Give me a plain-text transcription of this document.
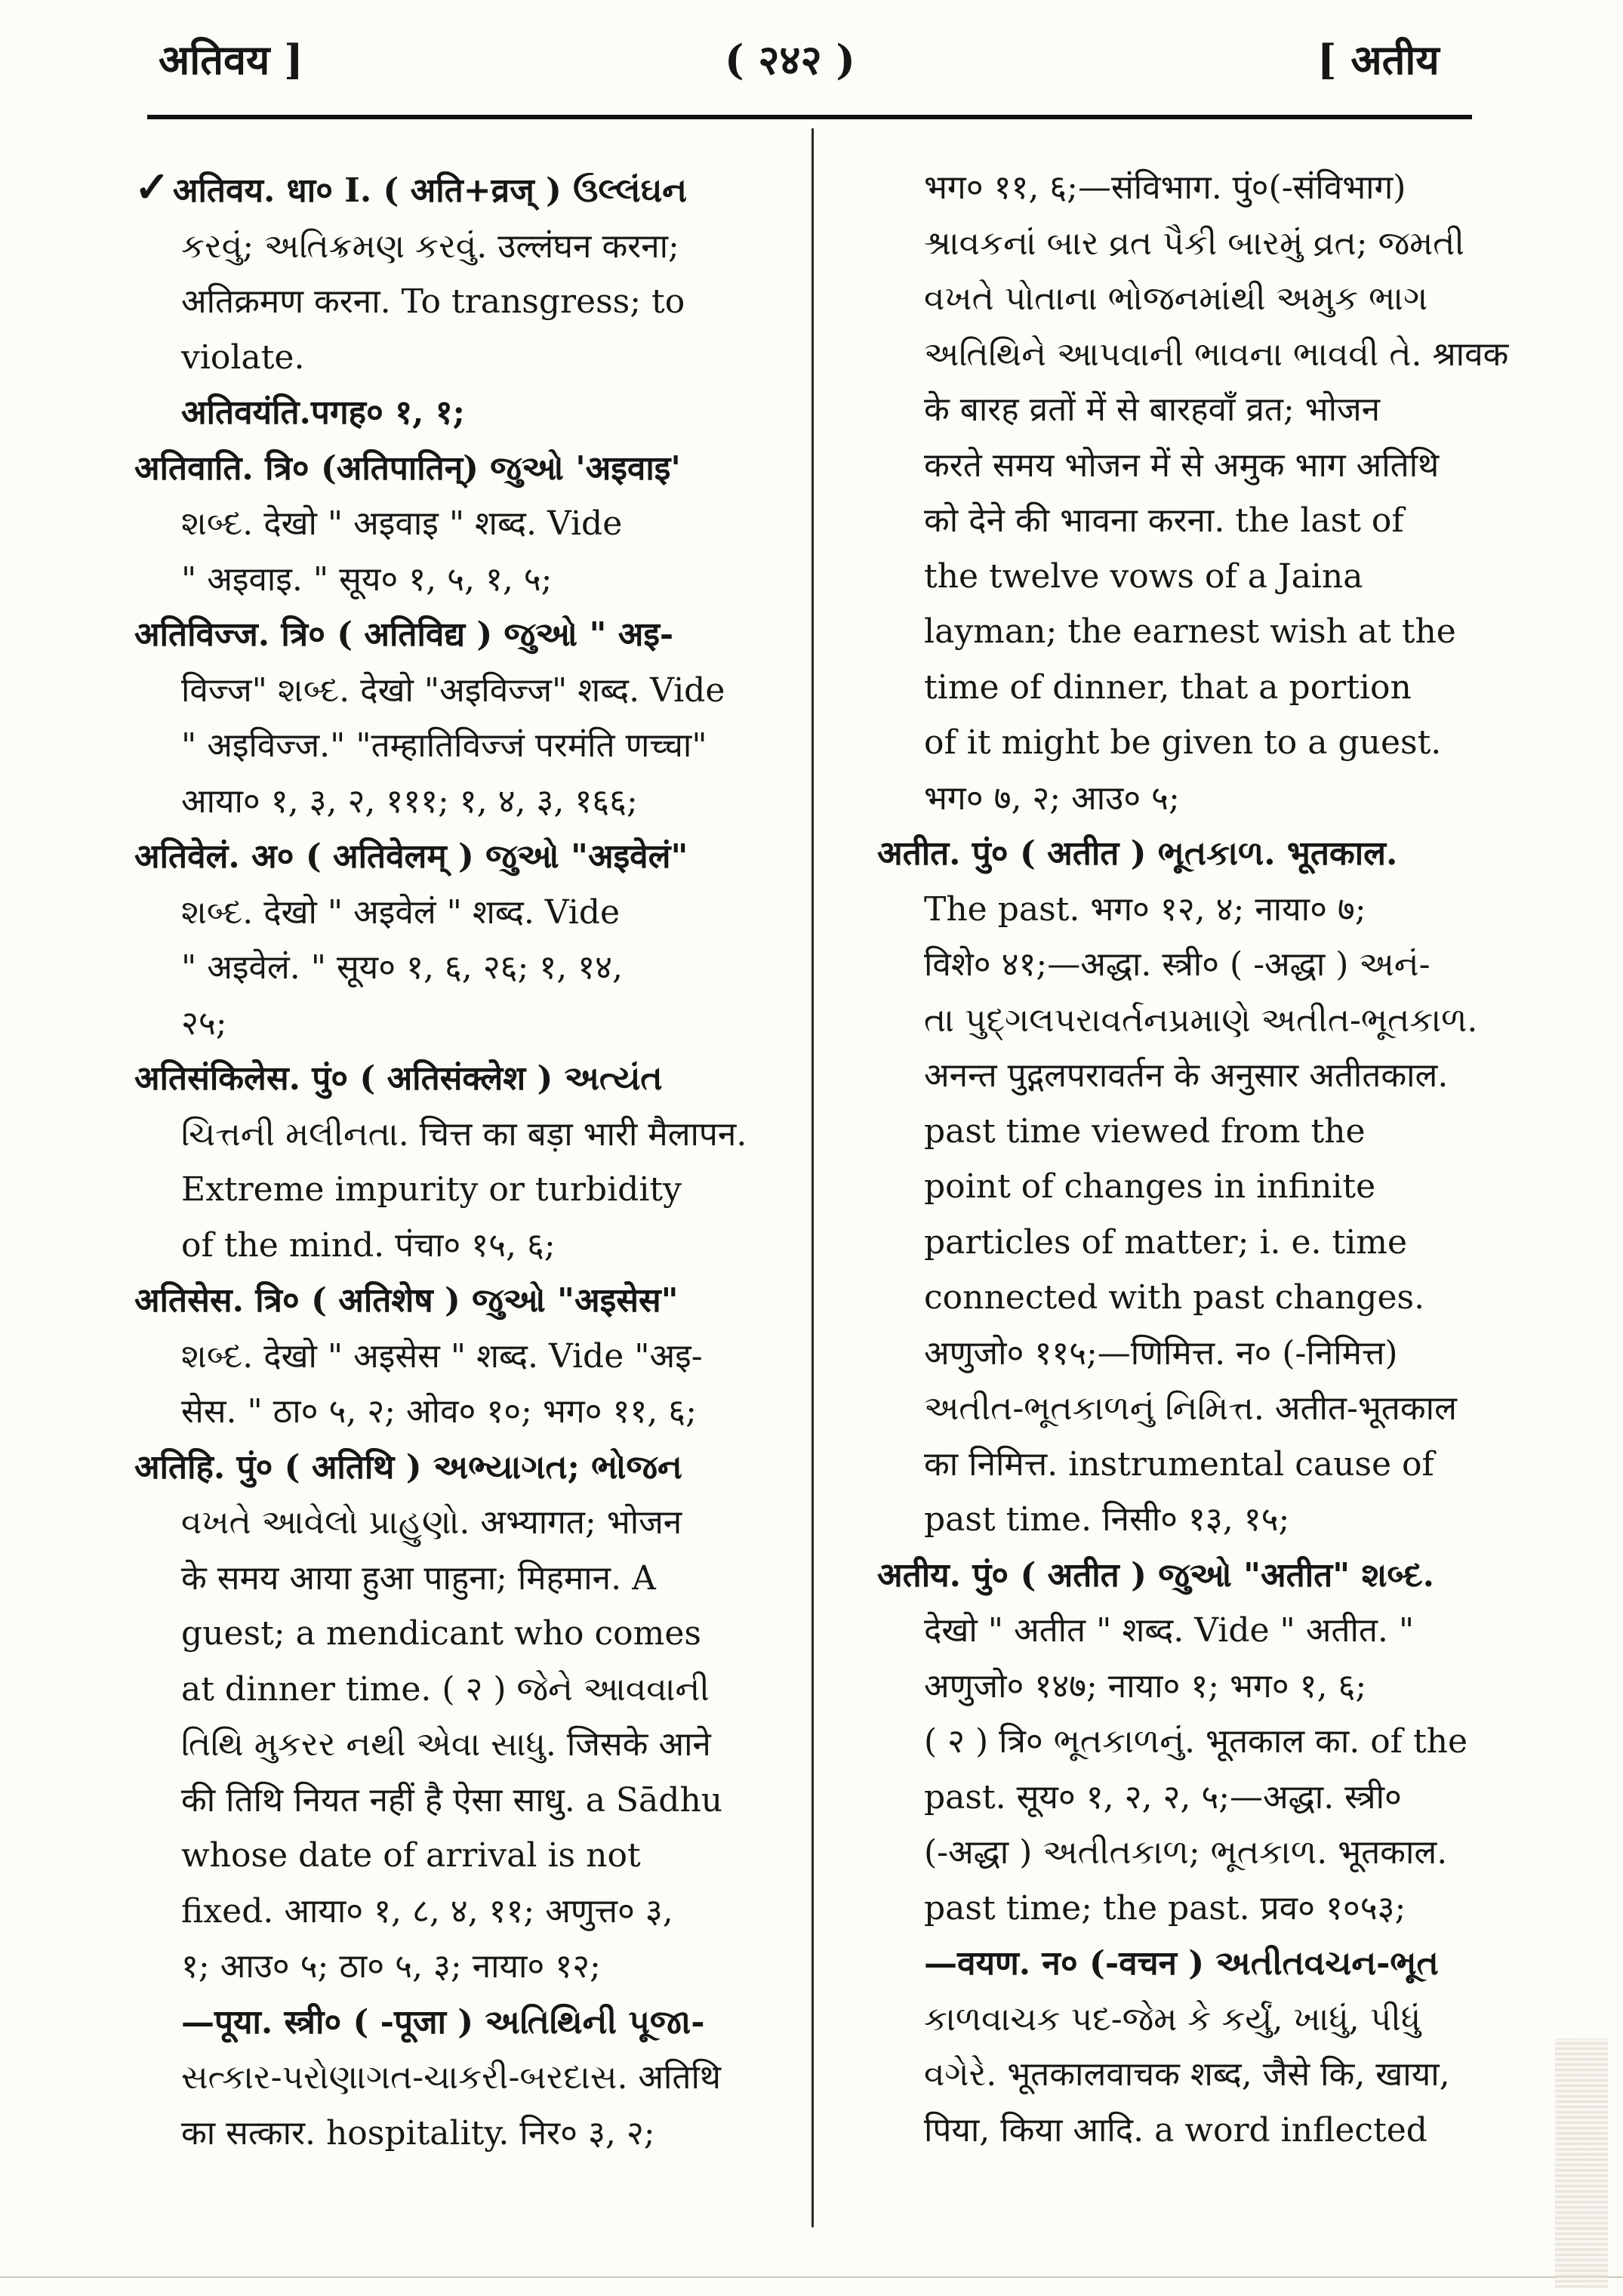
अतिवय ]	( २४२ )	[ अतीय
✓अतिवय. धा० I. ( अति+व्रज् ) ઉલ્લંઘન
કરવું; અતિક્રમણ કરવું. उल्लंघन करना;
अतिक्रमण करना. To transgress; to
violate.
अतिवयंति.पगह० १, १;
अतिवाति. त्रि० (अतिपातिन्) જુઓ 'अइवाइ'
શબ્દ. देखो " अइवाइ " शब्द. Vide
" अइवाइ. " सूय० १, ५, १, ५;
अतिविज्ज. त्रि० ( अतिविद्य ) જુઓ " अइ-
विज्ज" શબ્દ. देखो "अइविज्ज" शब्द. Vide
" अइविज्ज." "तम्हातिविज्जं परमंति णच्चा"
आया० १, ३, २, १११; १, ४, ३, १६६;
अतिवेलं. अ० ( अतिवेलम् ) જુઓ "अइवेलं"
શબ્દ. देखो " अइवेलं " शब्द. Vide
" अइवेलं. " सूय० १, ६, २६; १, १४,
२५;
अतिसंकिलेस. पुं० ( अतिसंक्लेश ) અત્યંત
ચિત્તની મલીનતા. चित्त का बड़ा भारी मैलापन.
Extreme impurity or turbidity
of the mind. पंचा० १५, ६;
अतिसेस. त्रि० ( अतिशेष ) જુઓ "अइसेस"
શબ્દ. देखो " अइसेस " शब्द. Vide "अइ-
सेस. " ठा० ५, २; ओव० १०; भग० ११, ६;
अतिहि. पुं० ( अतिथि ) અભ્યાગત; ભોજન
વખતે આવેલો પ્રાહુણો. अभ्यागत; भोजन
के समय आया हुआ पाहुना; मिहमान. A
guest; a mendicant who comes
at dinner time. ( २ ) જેને આવવાની
તિથિ મુકરર નથી એવા સાધુ. जिसके आने
की तिथि नियत नहीं है ऐसा साधु. a Sādhu
whose date of arrival is not
fixed. आया० १, ८, ४, ११; अणुत्त० ३,
१; आउ० ५; ठा० ५, ३; नाया० १२;
—पूया. स्त्री० ( -पूजा ) અતિથિની પૂજા-
સત્કાર-પરોણાગત-ચાકરી-બરદાસ. अतिथि
का सत्कार. hospitality. निर० ३, २;
भग० ११, ६;—संविभाग. पुं०(-संविभाग)
શ્રાવકનાં બાર વ્રત પૈકી બારમું વ્રત; જમતી
વખતે પોતાના ભોજનમાંથી અમુક ભાગ
અતિથિને આપવાની ભાવના ભાવવી તે. श्रावक
के बारह व्रतों में से बारहवाँ व्रत; भोजन
करते समय भोजन में से अमुक भाग अतिथि
को देने की भावना करना. the last of
the twelve vows of a Jaina
layman; the earnest wish at the
time of dinner, that a portion
of it might be given to a guest.
भग० ७, २; आउ० ५;
अतीत. पुं० ( अतीत ) ભૂતકાળ. भूतकाल.
The past. भग० १२, ४; नाया० ७;
विशे० ४१;—अद्धा. स्त्री० ( -अद्धा ) અનં-
તા પુદ્ગલપરાવર્તનપ્રમાણે અતીત-ભૂતકાળ.
अनन्त पुद्गलपरावर्तन के अनुसार अतीतकाल.
past time viewed from the
point of changes in infinite
particles of matter; i. e. time
connected with past changes.
अणुजो० ११५;—णिमित्त. न० (-निमित्त)
અતીત-ભૂતકાળનું નિમિત્ત. अतीत-भूतकाल
का निमित्त. instrumental cause of
past time. निसी० १३, १५;
अतीय. पुं० ( अतीत ) જુઓ "अतीत" શબ્દ.
देखो " अतीत " शब्द. Vide " अतीत. "
अणुजो० १४७; नाया० १; भग० १, ६;
( २ ) त्रि० ભૂતકાળનું. भूतकाल का. of the
past. सूय० १, २, २, ५;—अद्धा. स्त्री०
(-अद्धा ) અતીતકાળ; ભૂતકાળ. भूतकाल.
past time; the past. प्रव० १०५३;
—वयण. न० (-वचन ) અતીતવચન-ભૂત
કાળવાચક પદ-જેમ કે કર્યું, ખાધું, પીધું
વગેરે. भूतकालवाचक शब्द, जैसे कि, खाया,
पिया, किया आदि. a word inflected
